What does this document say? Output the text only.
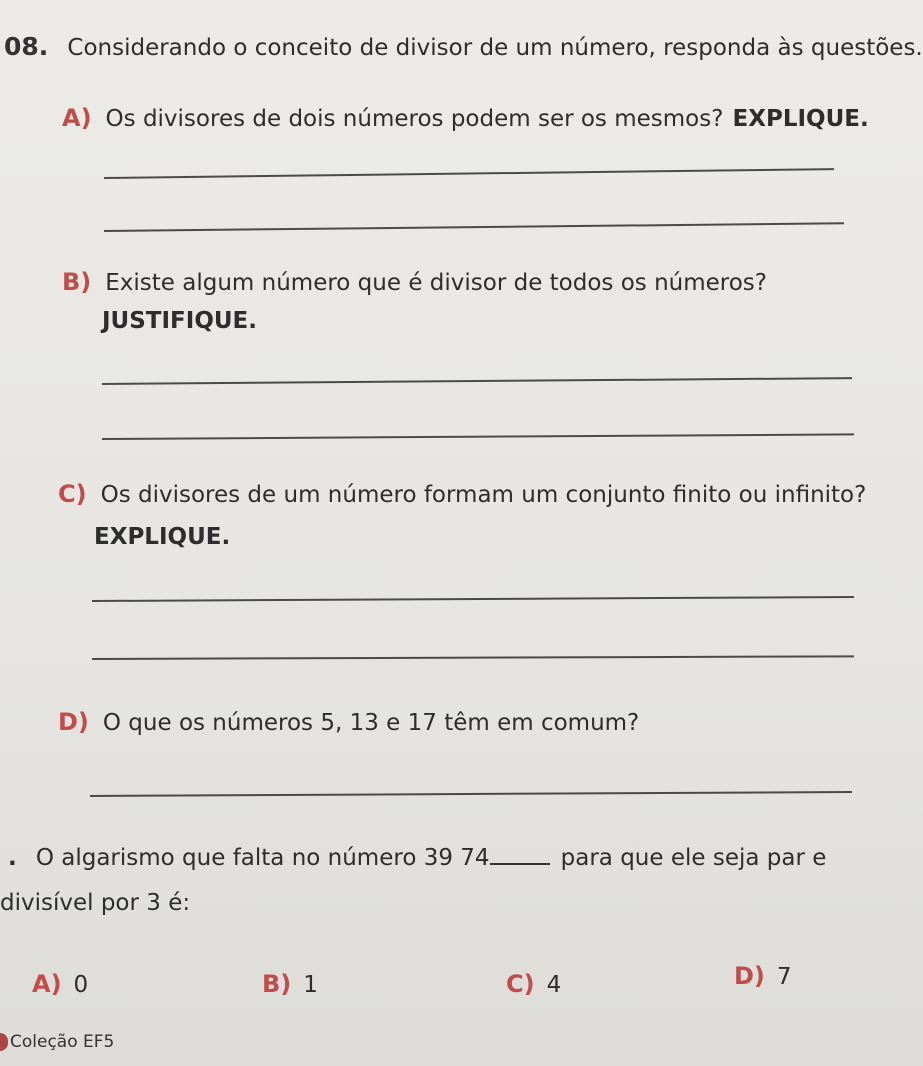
08. Considerando o conceito de divisor de um número, responda às questões.
A) Os divisores de dois números podem ser os mesmos? EXPLIQUE.
B) Existe algum número que é divisor de todos os números?
JUSTIFIQUE.
C) Os divisores de um número formam um conjunto finito ou infinito?
EXPLIQUE.
D) O que os números 5, 13 e 17 têm em comum?
. O algarismo que falta no número 39 74	para que ele seja par e
divisível por 3 é:
A) 0	B) 1	C) 4	D) 7
Coleção EF5
